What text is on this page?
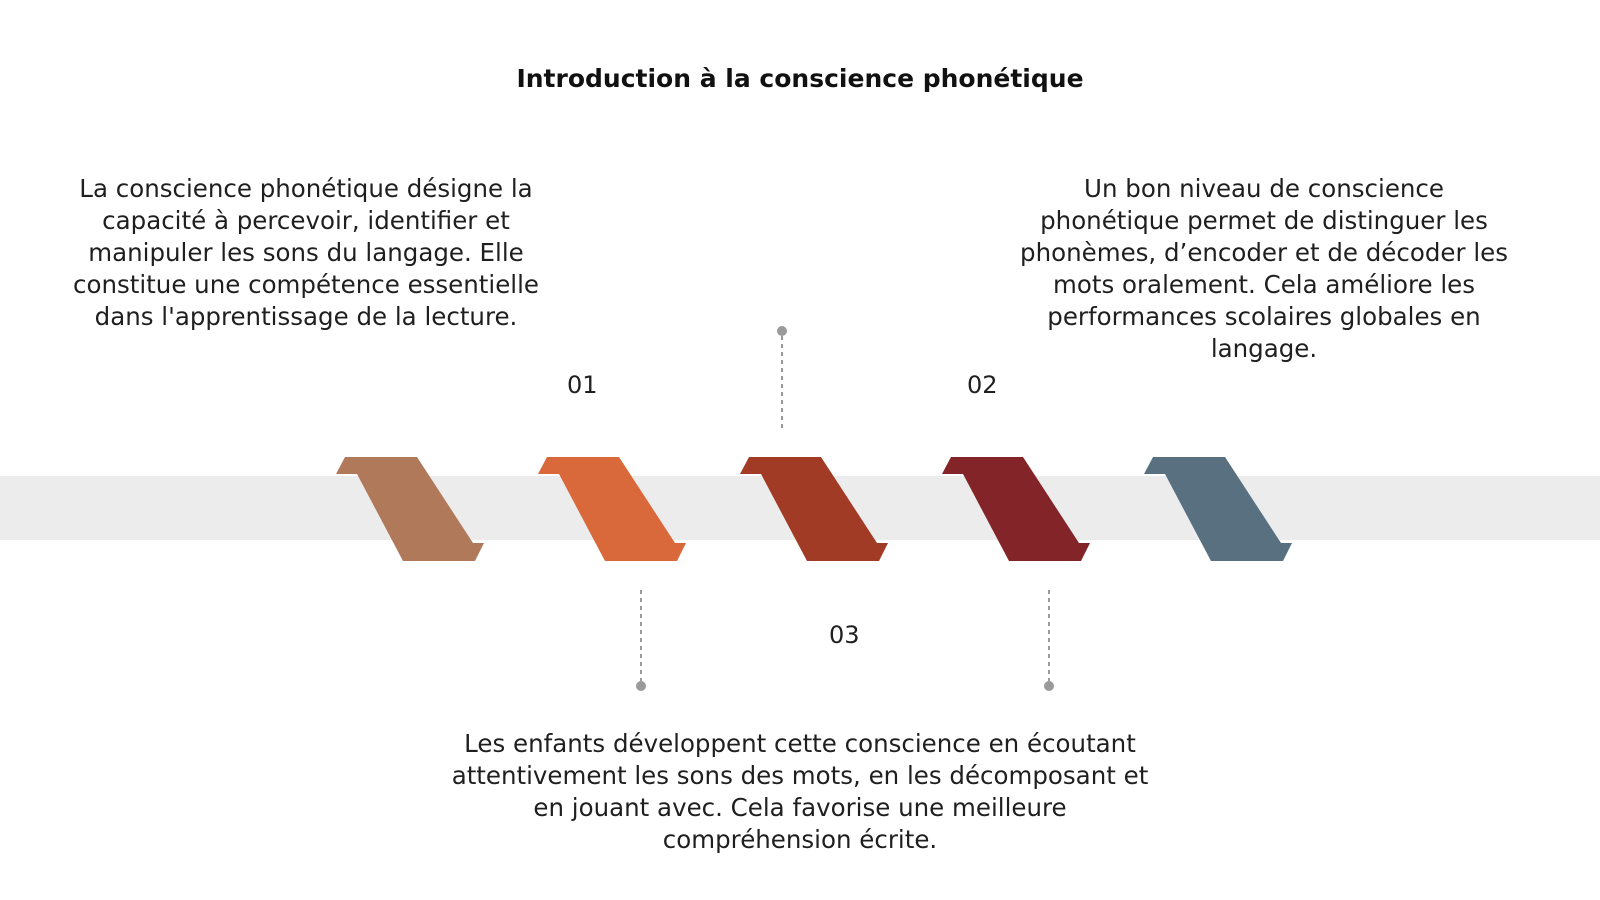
Introduction à la conscience phonétique
La conscience phonétique désigne la capacité à percevoir, identifier et manipuler les sons du langage. Elle constitue une compétence essentielle dans l'apprentissage de la lecture.
Un bon niveau de conscience phonétique permet de distinguer les phonèmes, d’encoder et de décoder les mots oralement. Cela améliore les performances scolaires globales en langage.
Les enfants développent cette conscience en écoutant attentivement les sons des mots, en les décomposant et en jouant avec. Cela favorise une meilleure compréhension écrite.
01	02
03
